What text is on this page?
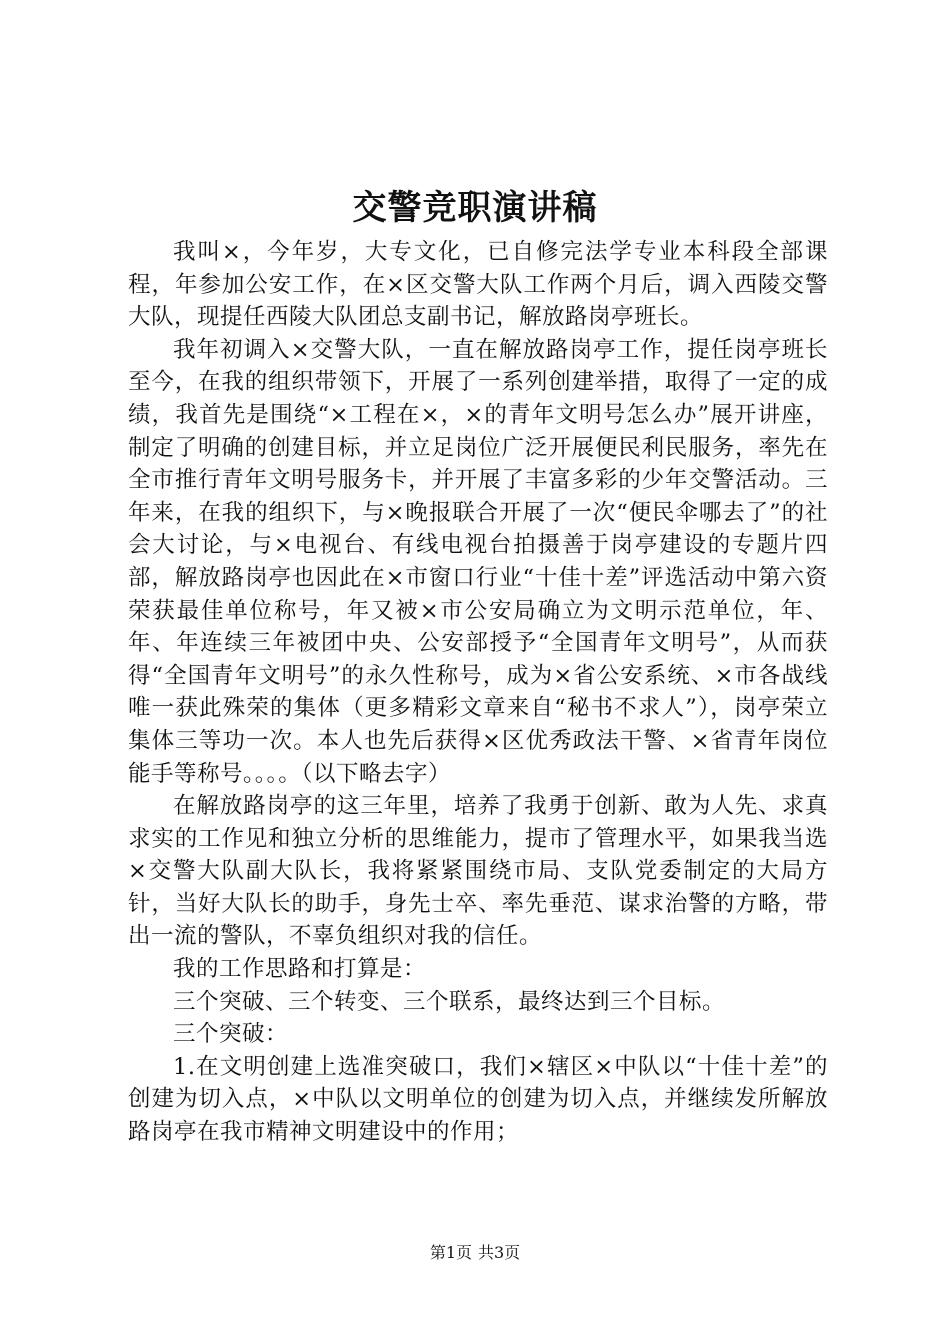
交警竞职演讲稿

我叫×，今年岁，大专文化，已自修完法学专业本科段全部课程，年参加公安工作，在×区交警大队工作两个月后，调入西陵交警大队，现提任西陵大队团总支副书记，解放路岗亭班长。

我年初调入×交警大队，一直在解放路岗亭工作，提任岗亭班长至今，在我的组织带领下，开展了一系列创建举措，取得了一定的成绩，我首先是围绕“×工程在×，×的青年文明号怎么办”展开讲座，制定了明确的创建目标，并立足岗位广泛开展便民利民服务，率先在全市推行青年文明号服务卡，并开展了丰富多彩的少年交警活动。三年来，在我的组织下，与×晚报联合开展了一次“便民伞哪去了”的社会大讨论，与×电视台、有线电视台拍摄善于岗亭建设的专题片四部，解放路岗亭也因此在×市窗口行业“十佳十差”评选活动中第六资荣获最佳单位称号，年又被×市公安局确立为文明示范单位，年、年、年连续三年被团中央、公安部授予“全国青年文明号”，从而获得“全国青年文明号”的永久性称号，成为×省公安系统、×市各战线唯一获此殊荣的集体（更多精彩文章来自“秘书不求人”），岗亭荣立集体三等功一次。本人也先后获得×区优秀政法干警、×省青年岗位能手等称号。。。。（以下略去字）

在解放路岗亭的这三年里，培养了我勇于创新、敢为人先、求真求实的工作见和独立分析的思维能力，提市了管理水平，如果我当选×交警大队副大队长，我将紧紧围绕市局、支队党委制定的大局方针，当好大队长的助手，身先士卒、率先垂范、谋求治警的方略，带出一流的警队，不辜负组织对我的信任。

我的工作思路和打算是：

三个突破、三个转变、三个联系，最终达到三个目标。

三个突破：

1.在文明创建上选准突破口，我们×辖区×中队以“十佳十差”的创建为切入点，×中队以文明单位的创建为切入点，并继续发所解放路岗亭在我市精神文明建设中的作用；

第1页 共3页
